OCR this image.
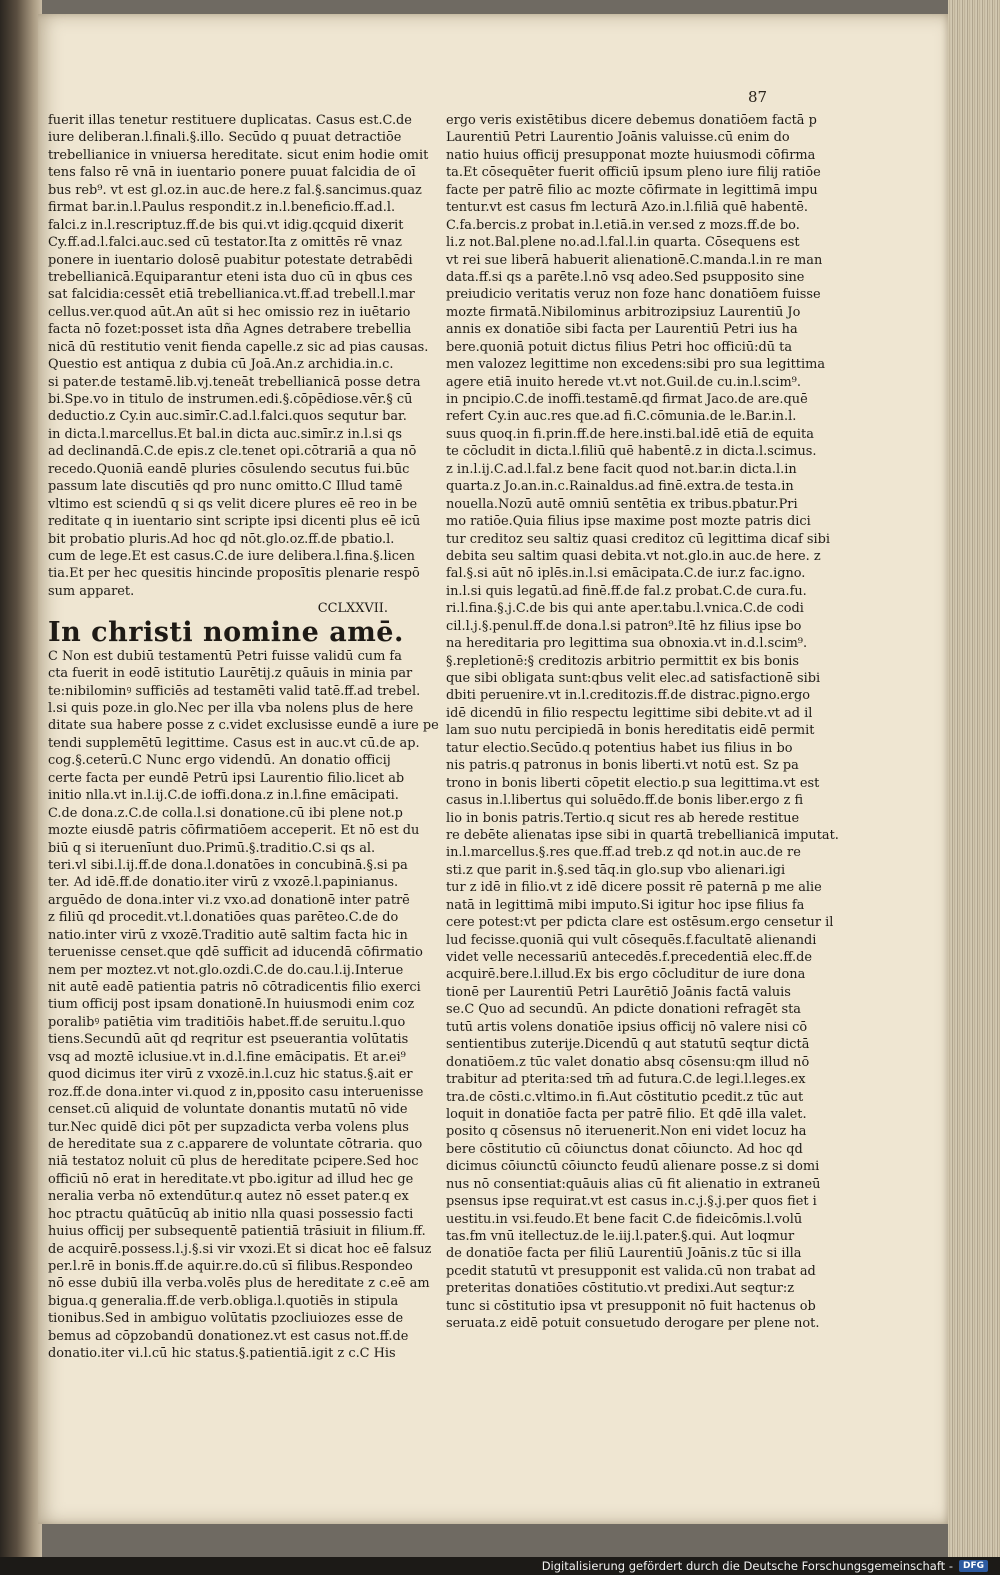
87
fuerit illas tenetur restituere duplicatas. Casus est.C.de
iure deliberan.l.finali.§.illo. Secūdo q puuat detractiōe
trebellianice in vniuersa hereditate. sicut enim hodie omit
tens falso rē vnā in iuentario ponere puuat falcidia de oī
bus reb⁹. vt est gl.oz.in auc.de here.z fal.§.sancimus.quaz
firmat bar.in.l.Paulus respondit.z in.l.beneficio.ff.ad.l.
falci.z in.l.rescriptuz.ff.de bis qui.vt idig.qcquid dixerit
Cy.ff.ad.l.falci.auc.sed cū testator.Ita z omittēs rē vnaz
ponere in iuentario dolosē puabitur potestate detrabēdi
trebellianicā.Equiparantur eteni ista duo cū in qbus ces
sat falcidia:cessēt etiā trebellianica.vt.ff.ad trebell.l.mar
cellus.ver.quod aūt.An aūt si hec omissio rez in iuētario
facta nō fozet:posset ista dña Agnes detrabere trebellia
nicā dū restitutio venit fienda capelle.z sic ad pias causas.
Questio est antiqua z dubia cū Joā.An.z archidia.in.c.
si pater.de testamē.lib.vj.teneāt trebellianicā posse detra
bi.Spe.vo in titulo de instrumen.edi.§.cōpēdiose.vēr.§ cū
deductio.z Cy.in auc.simīr.C.ad.l.falci.quos sequtur bar.
in dicta.l.marcellus.Et bal.in dicta auc.simīr.z in.l.si qs
ad declinandā.C.de epis.z cle.tenet opi.cōtrariā a qua nō
recedo.Quoniā eandē pluries cōsulendo secutus fui.būc
passum late discutiēs qd pro nunc omitto.C Illud tamē
vltimo est sciendū q si qs velit dicere plures eē reo in be
reditate q in iuentario sint scripte ipsi dicenti plus eē icū
bit probatio pluris.Ad hoc qd nōt.glo.oz.ff.de pbatio.l.
cum de lege.Et est casus.C.de iure delibera.l.fina.§.licen
tia.Et per hec quesitis hincinde proposītis plenarie respō
sum apparet.
CCLXXVII.
In christi nomine amē.
C Non est dubiū testamentū Petri fuisse validū cum fa
cta fuerit in eodē istitutio Laurētij.z quāuis in minia par
te:nibilominꝰ sufficiēs ad testamēti valid tatē.ff.ad trebel.
l.si quis poze.in glo.Nec per illa vba nolens plus de here
ditate sua habere posse z c.videt exclusisse eundē a iure pe
tendi supplemētū legittime. Casus est in auc.vt cū.de ap.
cog.§.ceterū.C Nunc ergo videndū. An donatio officij
certe facta per eundē Petrū ipsi Laurentio filio.licet ab
initio nlla.vt in.l.ij.C.de ioffi.dona.z in.l.fine emācipati.
C.de dona.z.C.de colla.l.si donatione.cū ibi plene not.p
mozte eiusdē patris cōfirmatiōem acceperit. Et nō est du
biū q si iteruenīunt duo.Primū.§.traditio.C.si qs al.
teri.vl sibi.l.ij.ff.de dona.l.donatōes in concubinā.§.si pa
ter. Ad idē.ff.de donatio.iter virū z vxozē.l.papinianus.
arguēdo de dona.inter vi.z vxo.ad donationē inter patrē
z filiū qd procedit.vt.l.donatiōes quas parēteo.C.de do
natio.inter virū z vxozē.Traditio autē saltim facta hic in
teruenisse censet.que qdē sufficit ad iducendā cōfirmatio
nem per moztez.vt not.glo.ozdi.C.de do.cau.l.ij.Interue
nit autē eadē patientia patris nō cōtradicentis filio exerci
tium officij post ipsam donationē.In huiusmodi enim coz
poralibꝰ patiētia vim traditiōis habet.ff.de seruitu.l.quo
tiens.Secundū aūt qd reqritur est pseuerantia volūtatis
vsq ad moztē iclusiue.vt in.d.l.fine emācipatis. Et ar.ei⁹
quod dicimus iter virū z vxozē.in.l.cuz hic status.§.ait er
roz.ff.de dona.inter vi.quod z in,pposito casu interuenisse
censet.cū aliquid de voluntate donantis mutatū nō vide
tur.Nec quidē dici pōt per supzadicta verba volens plus
de hereditate sua z c.apparere de voluntate cōtraria. quo
niā testatoz noluit cū plus de hereditate pcipere.Sed hoc
officiū nō erat in hereditate.vt pbo.igitur ad illud hec ge
neralia verba nō extendūtur.q autez nō esset pater.q ex
hoc ptractu quātūcūq ab initio nlla quasi possessio facti
huius officij per subsequentē patientiā trāsiuit in filium.ff.
de acquirē.possess.l.j.§.si vir vxozi.Et si dicat hoc eē falsuz
per.l.rē in bonis.ff.de aquir.re.do.cū sī filibus.Respondeo
nō esse dubiū illa verba.volēs plus de hereditate z c.eē am
bigua.q generalia.ff.de verb.obliga.l.quotiēs in stipula
tionibus.Sed in ambiguo volūtatis pzocliuiozes esse de
bemus ad cōpzobandū donationez.vt est casus not.ff.de
donatio.iter vi.l.cū hic status.§.patientiā.igit z c.C His
ergo veris existētibus dicere debemus donatiōem factā p
Laurentiū Petri Laurentio Joānis valuisse.cū enim do
natio huius officij presupponat mozte huiusmodi cōfirma
ta.Et cōsequēter fuerit officiū ipsum pleno iure filij ratiōe
facte per patrē filio ac mozte cōfirmate in legittimā impu
tentur.vt est casus fm lecturā Azo.in.l.filiā quē habentē.
C.fa.bercis.z probat in.l.etiā.in ver.sed z mozs.ff.de bo.
li.z not.Bal.plene no.ad.l.fal.l.in quarta. Cōsequens est
vt rei sue liberā habuerit alienationē.C.manda.l.in re man
data.ff.si qs a parēte.l.nō vsq adeo.Sed psupposito sine
preiudicio veritatis veruz non foze hanc donatiōem fuisse
mozte firmatā.Nibilominus arbitrozipsiuz Laurentiū Jo
annis ex donatiōe sibi facta per Laurentiū Petri ius ha
bere.quoniā potuit dictus filius Petri hoc officiū:dū ta
men valozez legittime non excedens:sibi pro sua legittima
agere etiā inuito herede vt.vt not.Guil.de cu.in.l.scim⁹.
in pncipio.C.de inoffi.testamē.qd firmat Jaco.de are.quē
refert Cy.in auc.res que.ad fi.C.cōmunia.de le.Bar.in.l.
suus quoq.in fi.prin.ff.de here.insti.bal.idē etiā de equita
te cōcludit in dicta.l.filiū quē habentē.z in dicta.l.scimus.
z in.l.ij.C.ad.l.fal.z bene facit quod not.bar.in dicta.l.in
quarta.z Jo.an.in.c.Rainaldus.ad finē.extra.de testa.in
nouella.Nozū autē omniū sentētia ex tribus.pbatur.Pri
mo ratiōe.Quia filius ipse maxime post mozte patris dici
tur creditoz seu saltiz quasi creditoz cū legittima dicaf sibi
debita seu saltim quasi debita.vt not.glo.in auc.de here. z
fal.§.si aūt nō iplēs.in.l.si emācipata.C.de iur.z fac.igno.
in.l.si quis legatū.ad finē.ff.de fal.z probat.C.de cura.fu.
ri.l.fina.§.j.C.de bis qui ante aper.tabu.l.vnica.C.de codi
cil.l.j.§.penul.ff.de dona.l.si patron⁹.Itē hz filius ipse bo
na hereditaria pro legittima sua obnoxia.vt in.d.l.scim⁹.
§.repletionē:§ creditozis arbitrio permittit ex bis bonis
que sibi obligata sunt:qbus velit elec.ad satisfactionē sibi
dbiti peruenire.vt in.l.creditozis.ff.de distrac.pigno.ergo
idē dicendū in filio respectu legittime sibi debite.vt ad il
lam suo nutu percipiedā in bonis hereditatis eidē permit
tatur electio.Secūdo.q potentius habet ius filius in bo
nis patris.q patronus in bonis liberti.vt notū est. Sz pa
trono in bonis liberti cōpetit electio.p sua legittima.vt est
casus in.l.libertus qui soluēdo.ff.de bonis liber.ergo z fi
lio in bonis patris.Tertio.q sicut res ab herede restitue
re debēte alienatas ipse sibi in quartā trebellianicā imputat.
in.l.marcellus.§.res que.ff.ad treb.z qd not.in auc.de re
sti.z que parit in.§.sed tāq.in glo.sup vbo alienari.igi
tur z idē in filio.vt z idē dicere possit rē paternā p me alie
natā in legittimā mibi imputo.Si igitur hoc ipse filius fa
cere potest:vt per pdicta clare est ostēsum.ergo censetur il
lud fecisse.quoniā qui vult cōsequēs.f.facultatē alienandi
videt velle necessariū antecedēs.f.precedentiā elec.ff.de
acquirē.bere.l.illud.Ex bis ergo cōcluditur de iure dona
tionē per Laurentiū Petri Laurētiō Joānis factā valuis
se.C Quo ad secundū. An pdicte donationi refragēt sta
tutū artis volens donatiōe ipsius officij nō valere nisi cō
sentientibus zuterije.Dicendū q aut statutū seqtur dictā
donatiōem.z tūc valet donatio absq cōsensu:qm illud nō
trabitur ad pterita:sed tm̄ ad futura.C.de legi.l.leges.ex
tra.de cōsti.c.vltimo.in fi.Aut cōstitutio pcedit.z tūc aut
loquit in donatiōe facta per patrē filio. Et qdē illa valet.
posito q cōsensus nō iteruenerit.Non eni videt locuz ha
bere cōstitutio cū cōiunctus donat cōiuncto. Ad hoc qd
dicimus cōiunctū cōiuncto feudū alienare posse.z si domi
nus nō consentiat:quāuis alias cū fit alienatio in extraneū
psensus ipse requirat.vt est casus in.c.j.§.j.per quos fiet i
uestitu.in vsi.feudo.Et bene facit C.de fideicōmis.l.volū
tas.fm vnū itellectuz.de le.iij.l.pater.§.qui. Aut loqmur
de donatiōe facta per filiū Laurentiū Joānis.z tūc si illa
pcedit statutū vt presupponit est valida.cū non trabat ad
preteritas donatiōes cōstitutio.vt predixi.Aut seqtur:z
tunc si cōstitutio ipsa vt presupponit nō fuit hactenus ob
seruata.z eidē potuit consuetudo derogare per plene not.
Digitalisierung gefördert durch die Deutsche Forschungsgemeinschaft -	DFG
